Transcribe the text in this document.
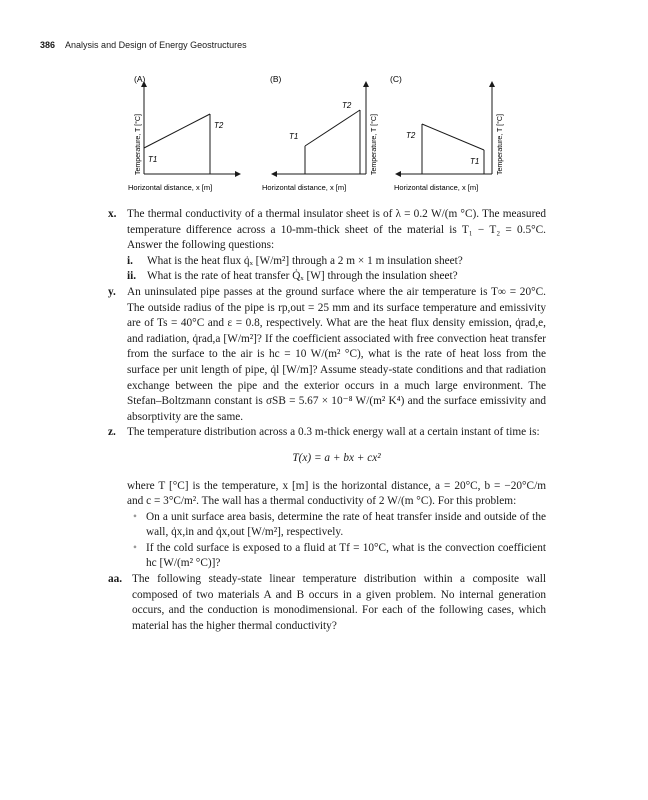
386 Analysis and Design of Energy Geostructures
(A)
T1
T2
Temperature, T [°C]
Horizontal distance, x [m]
(B)
T1
T2
Temperature, T [°C]
Horizontal distance, x [m]
(C)
T2
T1	Temperature, T [°C]
Horizontal distance, x [m]
x. The thermal conductivity of a thermal insulator sheet is of λ = 0.2 W/(m °C). The measured temperature difference across a 10-mm-thick sheet of the material is T₁ − T₂ = 0.5°C. Answer the following questions:
i. What is the heat flux q̇ₓ [W/m²] through a 2 m × 1 m insulation sheet?
ii. What is the rate of heat transfer Q̇ₓ [W] through the insulation sheet?
y. An uninsulated pipe passes at the ground surface where the air temperature is T∞ = 20°C. The outside radius of the pipe is rp,out = 25 mm and its surface temperature and emissivity are of Ts = 40°C and ε = 0.8, respectively. What are the heat flux density emission, q̇rad,e, and radiation, q̇rad,a [W/m²]? If the coefficient associated with free convection heat transfer from the surface to the air is hc = 10 W/(m² °C), what is the rate of heat loss from the surface per unit length of pipe, q̇l [W/m]? Assume steady-state conditions and that radiation exchange between the pipe and the exterior occurs in a much large environment. The Stefan–Boltzmann constant is σSB = 5.67 × 10⁻⁸ W/(m² K⁴) and the surface emissivity and absorptivity are the same.
z. The temperature distribution across a 0.3 m-thick energy wall at a certain instant of time is:
T(x) = a + bx + cx²
where T [°C] is the temperature, x [m] is the horizontal distance, a = 20°C, b = −20°C/m and c = 3°C/m². The wall has a thermal conductivity of 2 W/(m °C). For this problem:
• On a unit surface area basis, determine the rate of heat transfer inside and outside of the wall, q̇x,in and q̇x,out [W/m²], respectively.
• If the cold surface is exposed to a fluid at Tf = 10°C, what is the convection coefficient hc [W/(m² °C)]?
aa. The following steady-state linear temperature distribution within a composite wall composed of two materials A and B occurs in a given problem. No internal generation occurs, and the conduction is monodimensional. For each of the following cases, which material has the higher thermal conductivity?
